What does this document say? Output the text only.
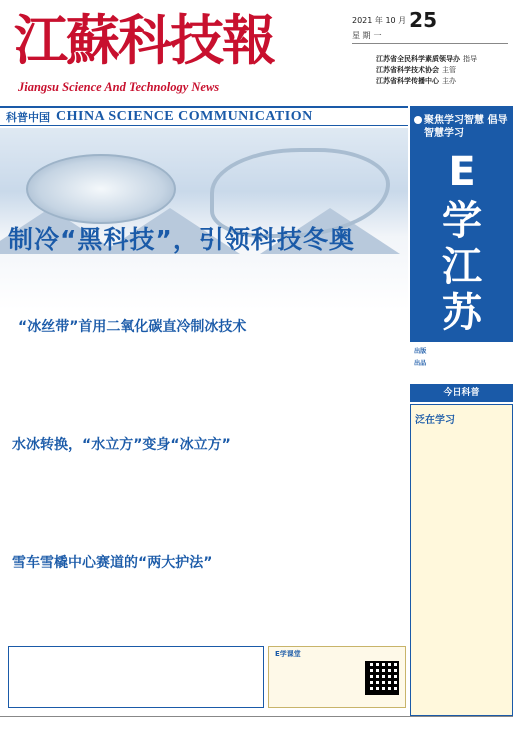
江蘇科技報
Jiangsu Science And Technology News
2021 年 10 月 25
星 期 一
江苏省全民科学素质领导办 指导
江苏省科学技术协会 主管
江苏省科学传播中心 主办
科普中国 CHINA SCIENCE COMMUNICATION
制冷“黑科技”，引领科技冬奥
“冰丝带”首用二氧化碳直冷制冰技术

水冰转换，“水立方”变身“冰立方”

雪车雪橇中心赛道的“两大护法”

E学课堂
聚焦学习智慧 倡导智慧学习
E
学江苏
出版
出品
今日科普
泛在学习
